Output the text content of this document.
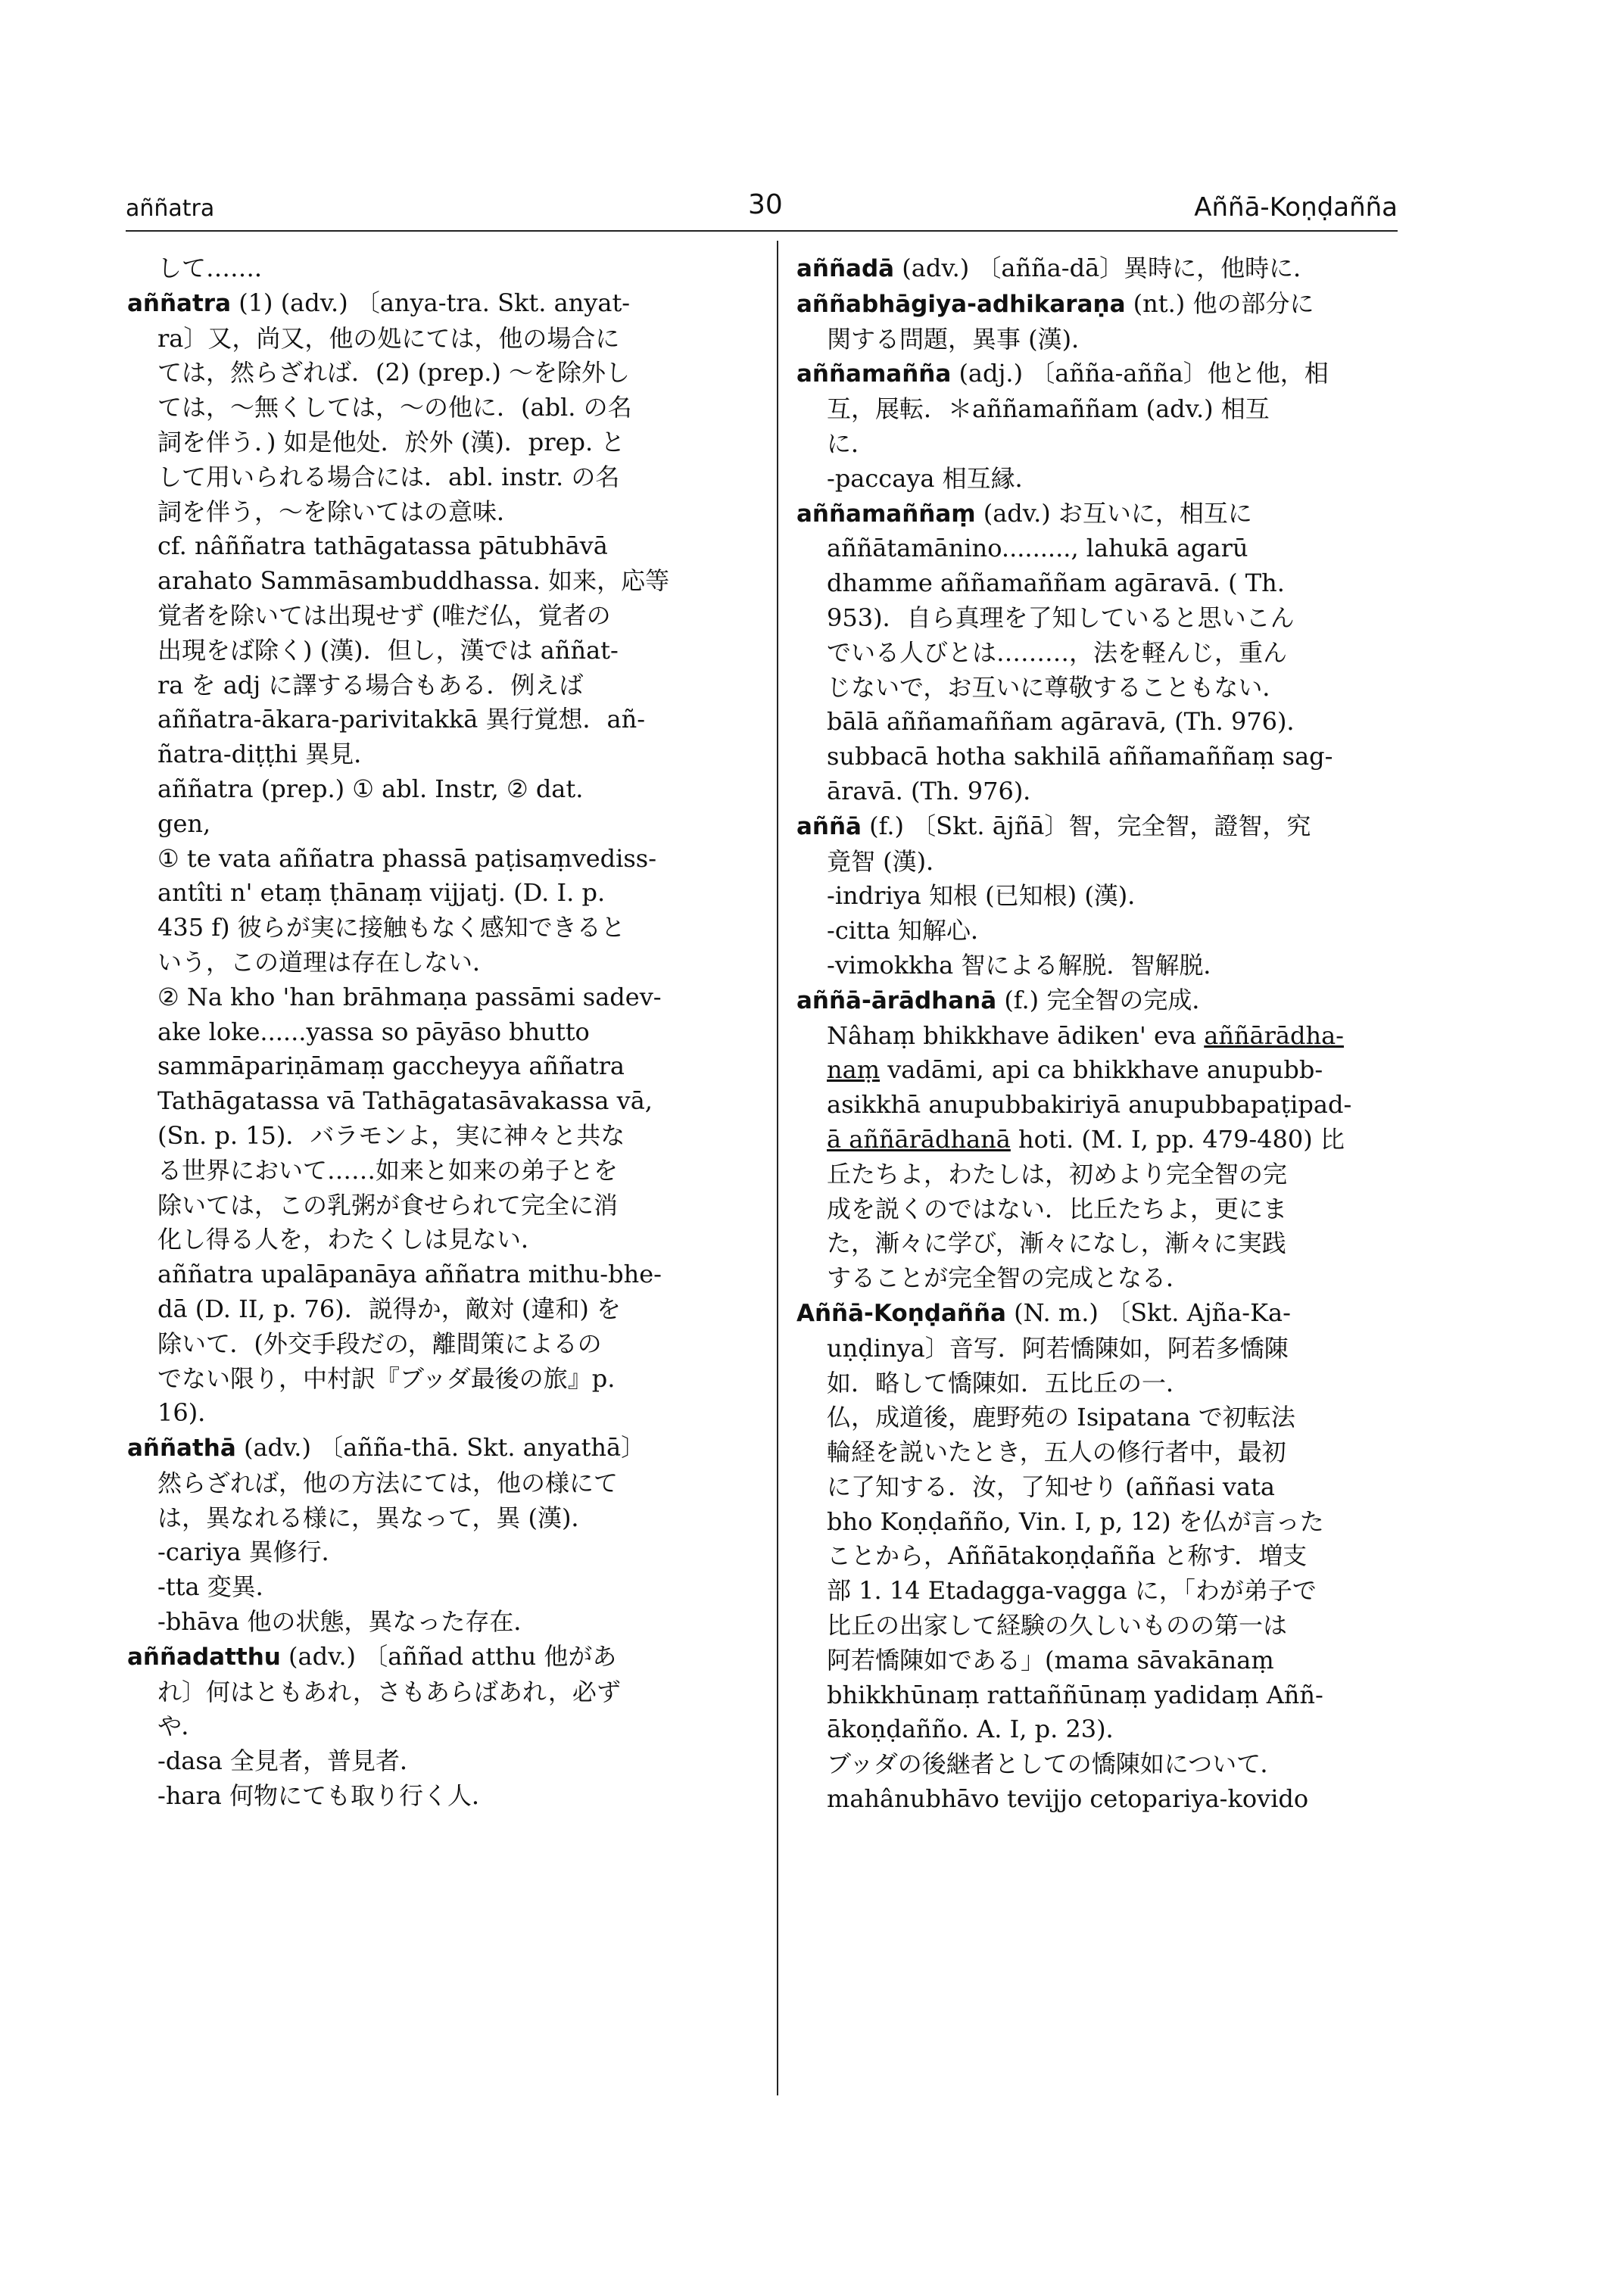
aññatra	30	Aññā-Koṇḍañña

して……．

aññatra (1) (adv.) 〔anya-tra. Skt. anyat-

ra〕又，尚又，他の処にては，他の場合に

ては，然らざれば．(2) (prep.) ～を除外し

ては，～無くしては，～の他に．(abl. の名

詞を伴う．) 如是他处．於外 (漢)．prep. と

して用いられる場合には．abl. instr. の名

詞を伴う，～を除いてはの意味．

cf. nâññatra tathāgatassa pātubhāvā

arahato Sammāsambuddhassa. 如来，応等

覚者を除いては出現せず (唯だ仏，覚者の

出現をば除く) (漢)．但し，漢では aññat-

ra を adj に譯する場合もある．例えば

aññatra-ākara-parivitakkā 異行覚想．añ-

ñatra-diṭṭhi 異見．

aññatra (prep.) ① abl. Instr, ② dat.

gen,

① te vata aññatra phassā paṭisaṃvediss-

antîti n' etaṃ ṭhānaṃ vijjatj. (D. I. p.

435 f) 彼らが実に接触もなく感知できると

いう，この道理は存在しない．

② Na kho 'han brāhmaṇa passāmi sadev-

ake loke......yassa so pāyāso bhutto

sammāpariṇāmaṃ gaccheyya aññatra

Tathāgatassa vā Tathāgatasāvakassa vā,

(Sn. p. 15)．バラモンよ，実に神々と共な

る世界において……如来と如来の弟子とを

除いては，この乳粥が食せられて完全に消

化し得る人を，わたくしは見ない．

aññatra upalāpanāya aññatra mithu-bhe-

dā (D. II, p. 76)．説得か，敵対 (違和) を

除いて．(外交手段だの，離間策によるの

でない限り，中村訳『ブッダ最後の旅』p.

16)．

aññathā (adv.) 〔añña-thā. Skt. anyathā〕

然らざれば，他の方法にては，他の様にて

は，異なれる様に，異なって，異 (漢)．

-cariya 異修行．

-tta 変異．

-bhāva 他の状態，異なった存在．

aññadatthu (adv.) 〔aññad atthu 他があ

れ〕何はともあれ，さもあらばあれ，必ず

や．

-dasa 全見者，普見者．

-hara 何物にても取り行く人．

aññadā (adv.) 〔añña-dā〕異時に，他時に．

aññabhāgiya-adhikaraṇa (nt.) 他の部分に

関する問題，異事 (漢)．

aññamañña (adj.) 〔añña-añña〕他と他，相

互，展転．＊aññamaññam (adv.) 相互

に．

-paccaya 相互縁．

aññamaññaṃ (adv.) お互いに，相互に

aññātamānino........., lahukā agarū

dhamme aññamaññam agāravā. ( Th.

953)．自ら真理を了知していると思いこん

でいる人びとは………，法を軽んじ，重ん

じないで，お互いに尊敬することもない．

bālā aññamaññam agāravā, (Th. 976)．

subbacā hotha sakhilā aññamaññaṃ sag-

āravā. (Th. 976)．

aññā (f.) 〔Skt. ājñā〕智，完全智，證智，究

竟智 (漢)．

-indriya 知根 (已知根) (漢)．

-citta 知解心．

-vimokkha 智による解脱．智解脱．

aññā-ārādhanā (f.) 完全智の完成．

Nâhaṃ bhikkhave ādiken' eva aññārādha-

naṃ vadāmi, api ca bhikkhave anupubb-

asikkhā anupubbakiriyā anupubbapaṭipad-

ā aññārādhanā hoti. (M. I, pp. 479-480) 比

丘たちよ，わたしは，初めより完全智の完

成を説くのではない．比丘たちよ，更にま

た，漸々に学び，漸々になし，漸々に実践

することが完全智の完成となる．

Aññā-Koṇḍañña (N. m.) 〔Skt. Ajña-Ka-

uṇḍinya〕音写．阿若憍陳如，阿若多憍陳

如．略して憍陳如．五比丘の一．

仏，成道後，鹿野苑の Isipatana で初転法

輪経を説いたとき，五人の修行者中，最初

に了知する．汝，了知せり (aññasi vata

bho Koṇḍañño, Vin. I, p, 12) を仏が言った

ことから，Aññātakoṇḍañña と称す．増支

部 1. 14 Etadagga-vagga に，「わが弟子で

比丘の出家して経験の久しいものの第一は

阿若憍陳如である」(mama sāvakānaṃ

bhikkhūnaṃ rattaññūnaṃ yadidaṃ Aññ-

ākoṇḍañño. A. I, p. 23)．

ブッダの後継者としての憍陳如について．

mahânubhāvo tevijjo cetopariya-kovido
